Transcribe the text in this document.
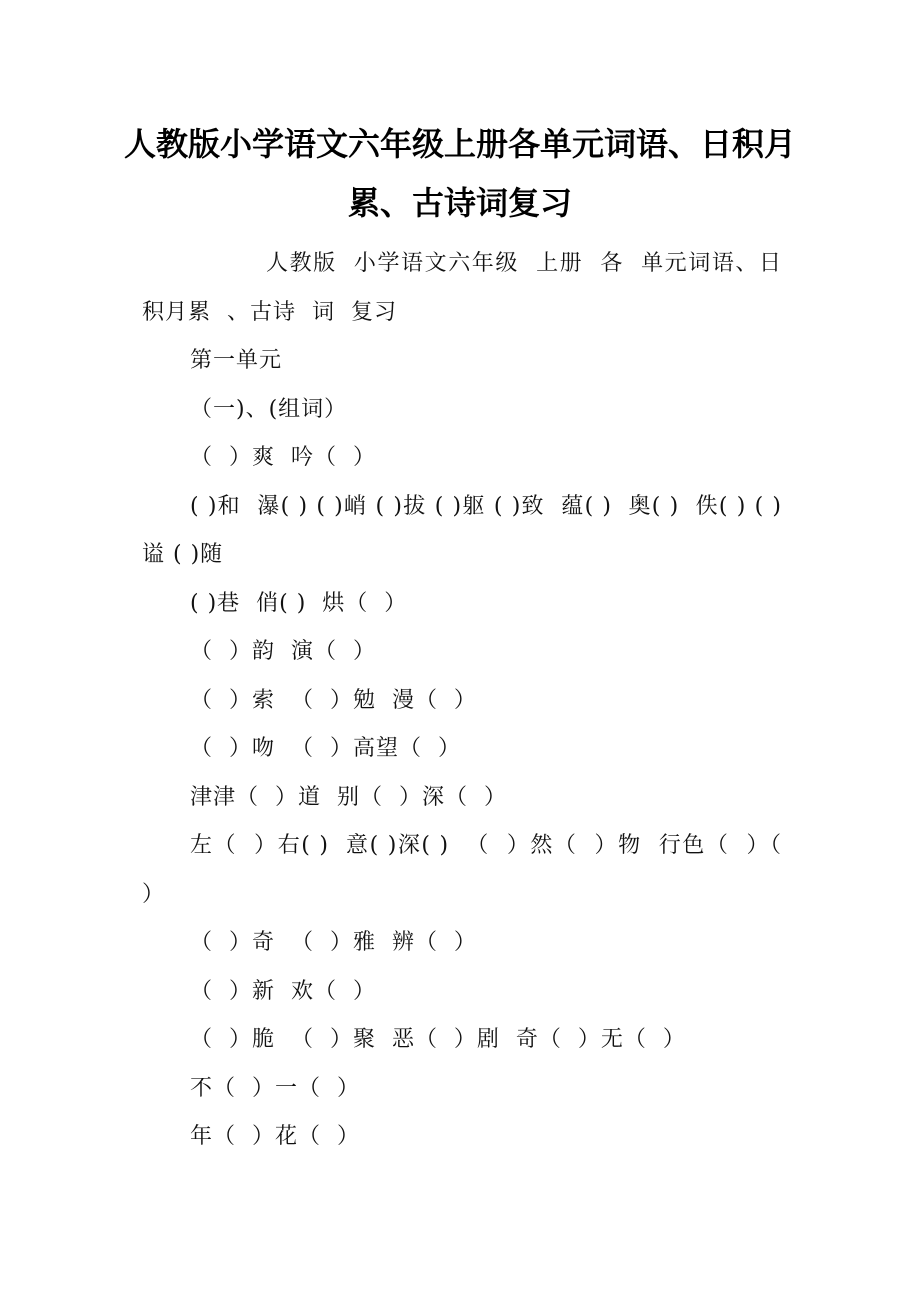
人教版小学语文六年级上册各单元词语、日积月累、古诗词复习

人教版  小学语文六年级  上册  各  单元词语、日积月累  、古诗  词  复习

第一单元

（一)、(组词）

（  ）爽  吟（  ）

( )和  瀑( ) ( )峭 ( )拔 ( )躯 ( )致  蕴( )  奥( )  佚( ) ( )谥 ( )随

( )巷  俏( )  烘（  ）

（  ）韵  演（  ）

（  ）索  （  ）勉  漫（  ）

（  ）吻  （  ）高望（  ）

津津（  ）道  别（  ）深（  ）

左（  ）右( )  意( )深( )  （  ）然（  ）物  行色（  ）（  ）

（  ）奇  （  ）雅  辨（  ）

（  ）新  欢（  ）

（  ）脆  （  ）聚  恶（  ）剧  奇（  ）无（  ）

不（  ）一（  ）

年（  ）花（  ）
